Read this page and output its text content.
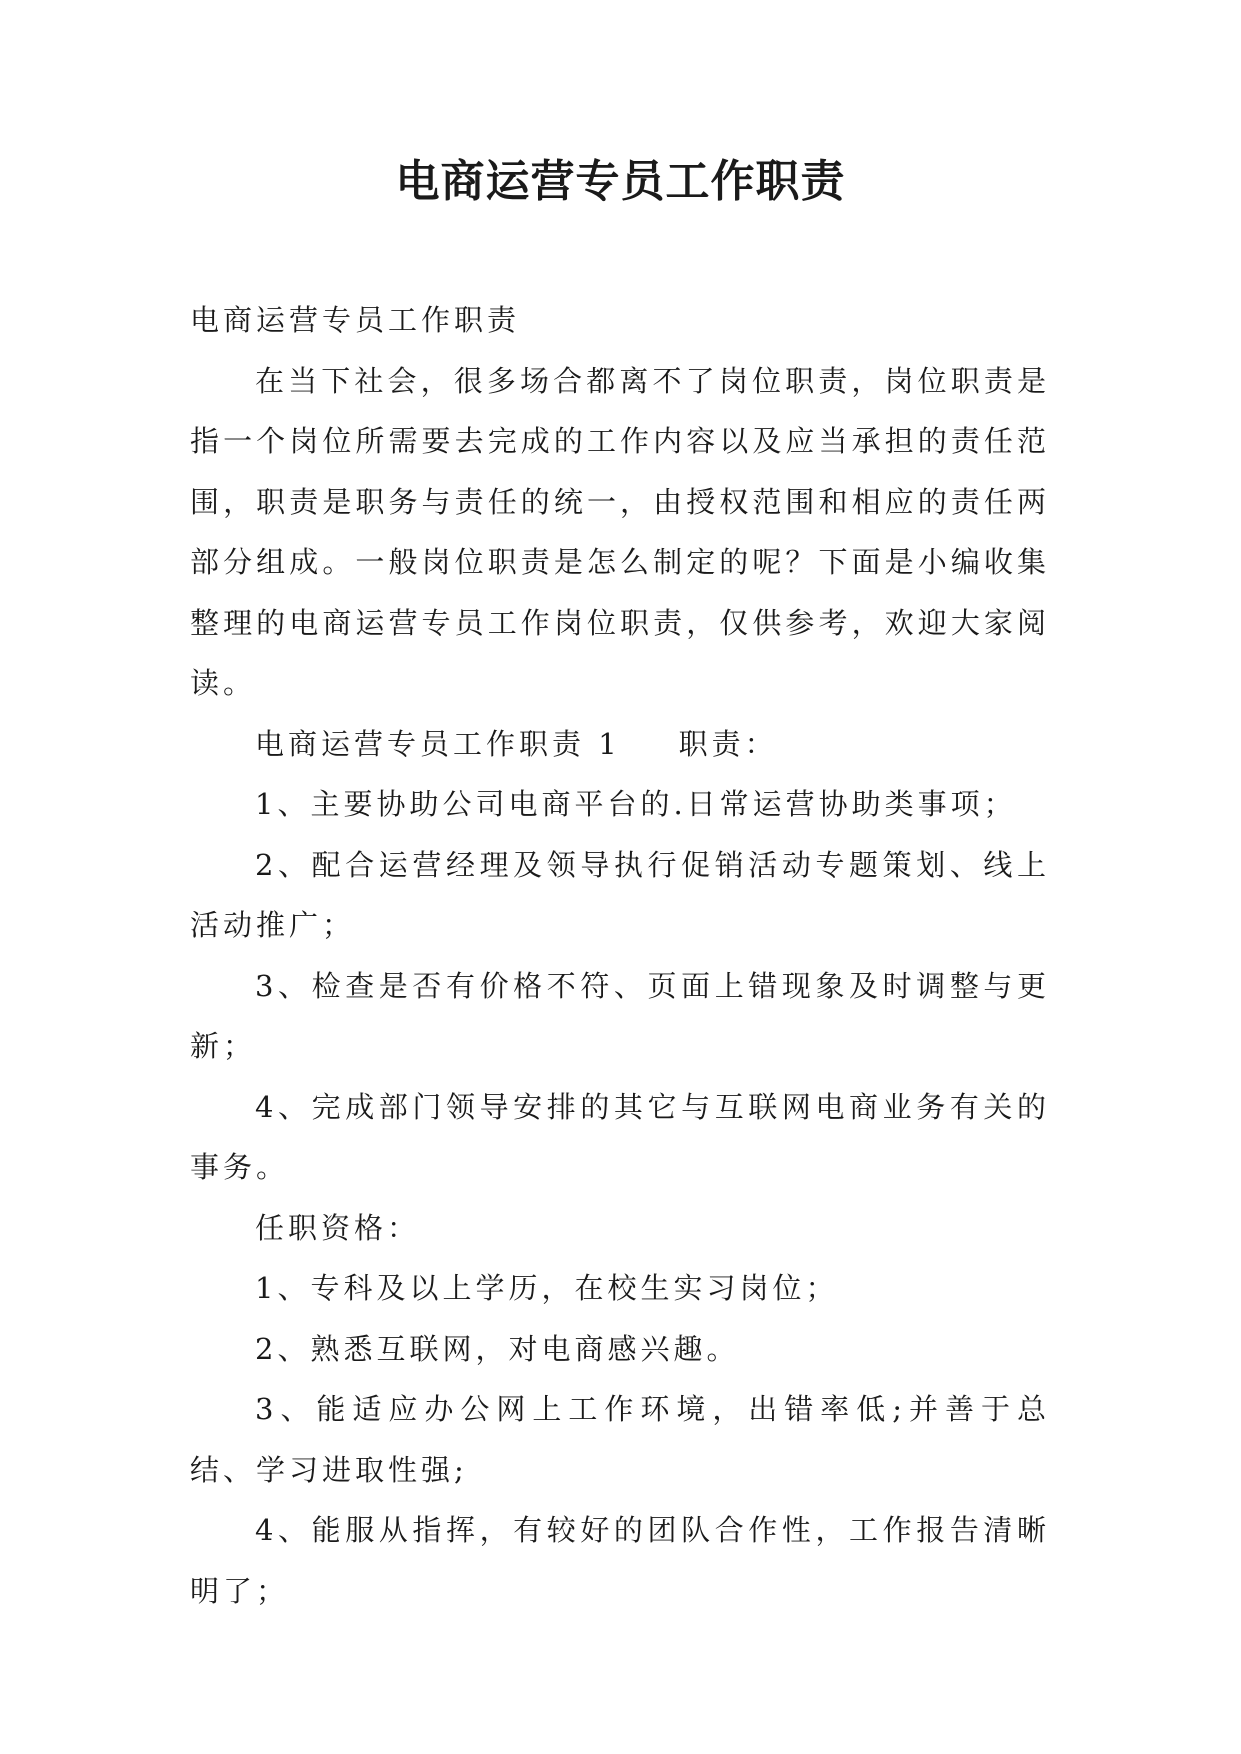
电商运营专员工作职责

电商运营专员工作职责

在当下社会，很多场合都离不了岗位职责，岗位职责是指一个岗位所需要去完成的工作内容以及应当承担的责任范围，职责是职务与责任的统一，由授权范围和相应的责任两部分组成。一般岗位职责是怎么制定的呢？下面是小编收集整理的电商运营专员工作岗位职责，仅供参考，欢迎大家阅读。

电商运营专员工作职责 1 职责：

1、主要协助公司电商平台的.日常运营协助类事项；

2、配合运营经理及领导执行促销活动专题策划、线上活动推广；

3、检查是否有价格不符、页面上错现象及时调整与更新；

4、完成部门领导安排的其它与互联网电商业务有关的事务。

任职资格：

1、专科及以上学历，在校生实习岗位；

2、熟悉互联网，对电商感兴趣。

3、能适应办公网上工作环境，出错率低;并善于总结、学习进取性强;

4、能服从指挥，有较好的团队合作性，工作报告清晰明了；
